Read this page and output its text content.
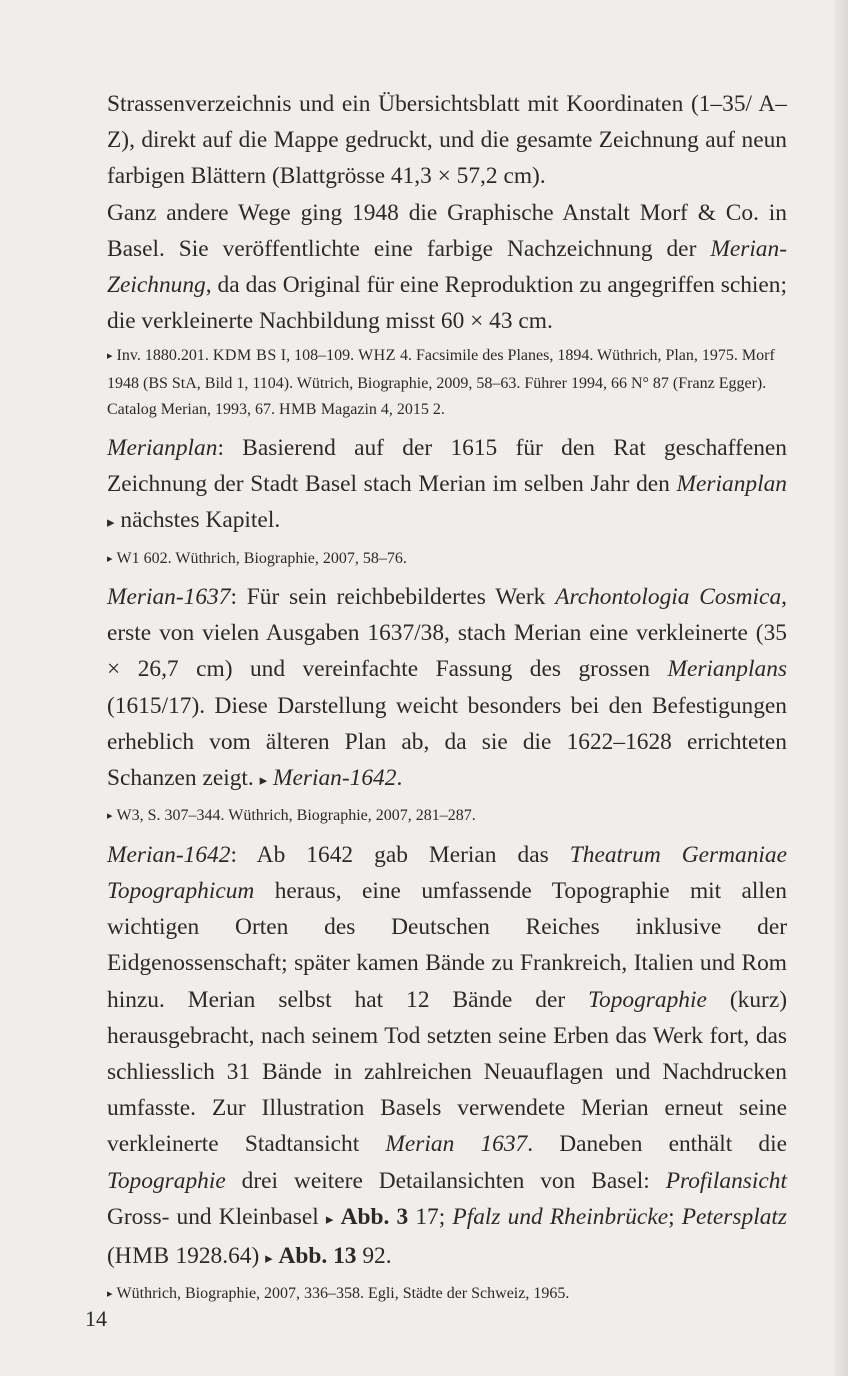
Strassenverzeichnis und ein Übersichtsblatt mit Koordinaten (1–35/ A–Z), direkt auf die Mappe gedruckt, und die gesamte Zeichnung auf neun farbigen Blättern (Blattgrösse 41,3 × 57,2 cm).

Ganz andere Wege ging 1948 die Graphische Anstalt Morf & Co. in Basel. Sie veröffentlichte eine farbige Nachzeichnung der Merian-Zeichnung, da das Original für eine Reproduktion zu angegriffen schien; die verkleinerte Nachbildung misst 60 × 43 cm.

▸ Inv. 1880.201. KDM BS I, 108–109. WHZ 4. Facsimile des Planes, 1894. Wüthrich, Plan, 1975. Morf 1948 (BS StA, Bild 1, 1104). Wütrich, Biographie, 2009, 58–63. Führer 1994, 66 N° 87 (Franz Egger). Catalog Merian, 1993, 67. HMB Magazin 4, 2015 2.

Merianplan: Basierend auf der 1615 für den Rat geschaffenen Zeichnung der Stadt Basel stach Merian im selben Jahr den Merianplan ▸ nächstes Kapitel.

▸ W1 602. Wüthrich, Biographie, 2007, 58–76.

Merian-1637: Für sein reichbebildertes Werk Archontologia Cosmica, erste von vielen Ausgaben 1637/38, stach Merian eine verkleinerte (35 × 26,7 cm) und vereinfachte Fassung des grossen Merianplans (1615/17). Diese Darstellung weicht besonders bei den Befestigungen erheblich vom älteren Plan ab, da sie die 1622–1628 errichteten Schanzen zeigt. ▸ Merian-1642.

▸ W3, S. 307–344. Wüthrich, Biographie, 2007, 281–287.

Merian-1642: Ab 1642 gab Merian das Theatrum Germaniae Topographicum heraus, eine umfassende Topographie mit allen wichtigen Orten des Deutschen Reiches inklusive der Eidgenossenschaft; später kamen Bände zu Frankreich, Italien und Rom hinzu. Merian selbst hat 12 Bände der Topographie (kurz) herausgebracht, nach seinem Tod setzten seine Erben das Werk fort, das schliesslich 31 Bände in zahlreichen Neuauflagen und Nachdrucken umfasste. Zur Illustration Basels verwendete Merian erneut seine verkleinerte Stadtansicht Merian 1637. Daneben enthält die Topographie drei weitere Detailansichten von Basel: Profilansicht Gross- und Kleinbasel ▸ Abb. 3 17; Pfalz und Rheinbrücke; Petersplatz (HMB 1928.64) ▸ Abb. 13 92.

▸ Wüthrich, Biographie, 2007, 336–358. Egli, Städte der Schweiz, 1965.

14
